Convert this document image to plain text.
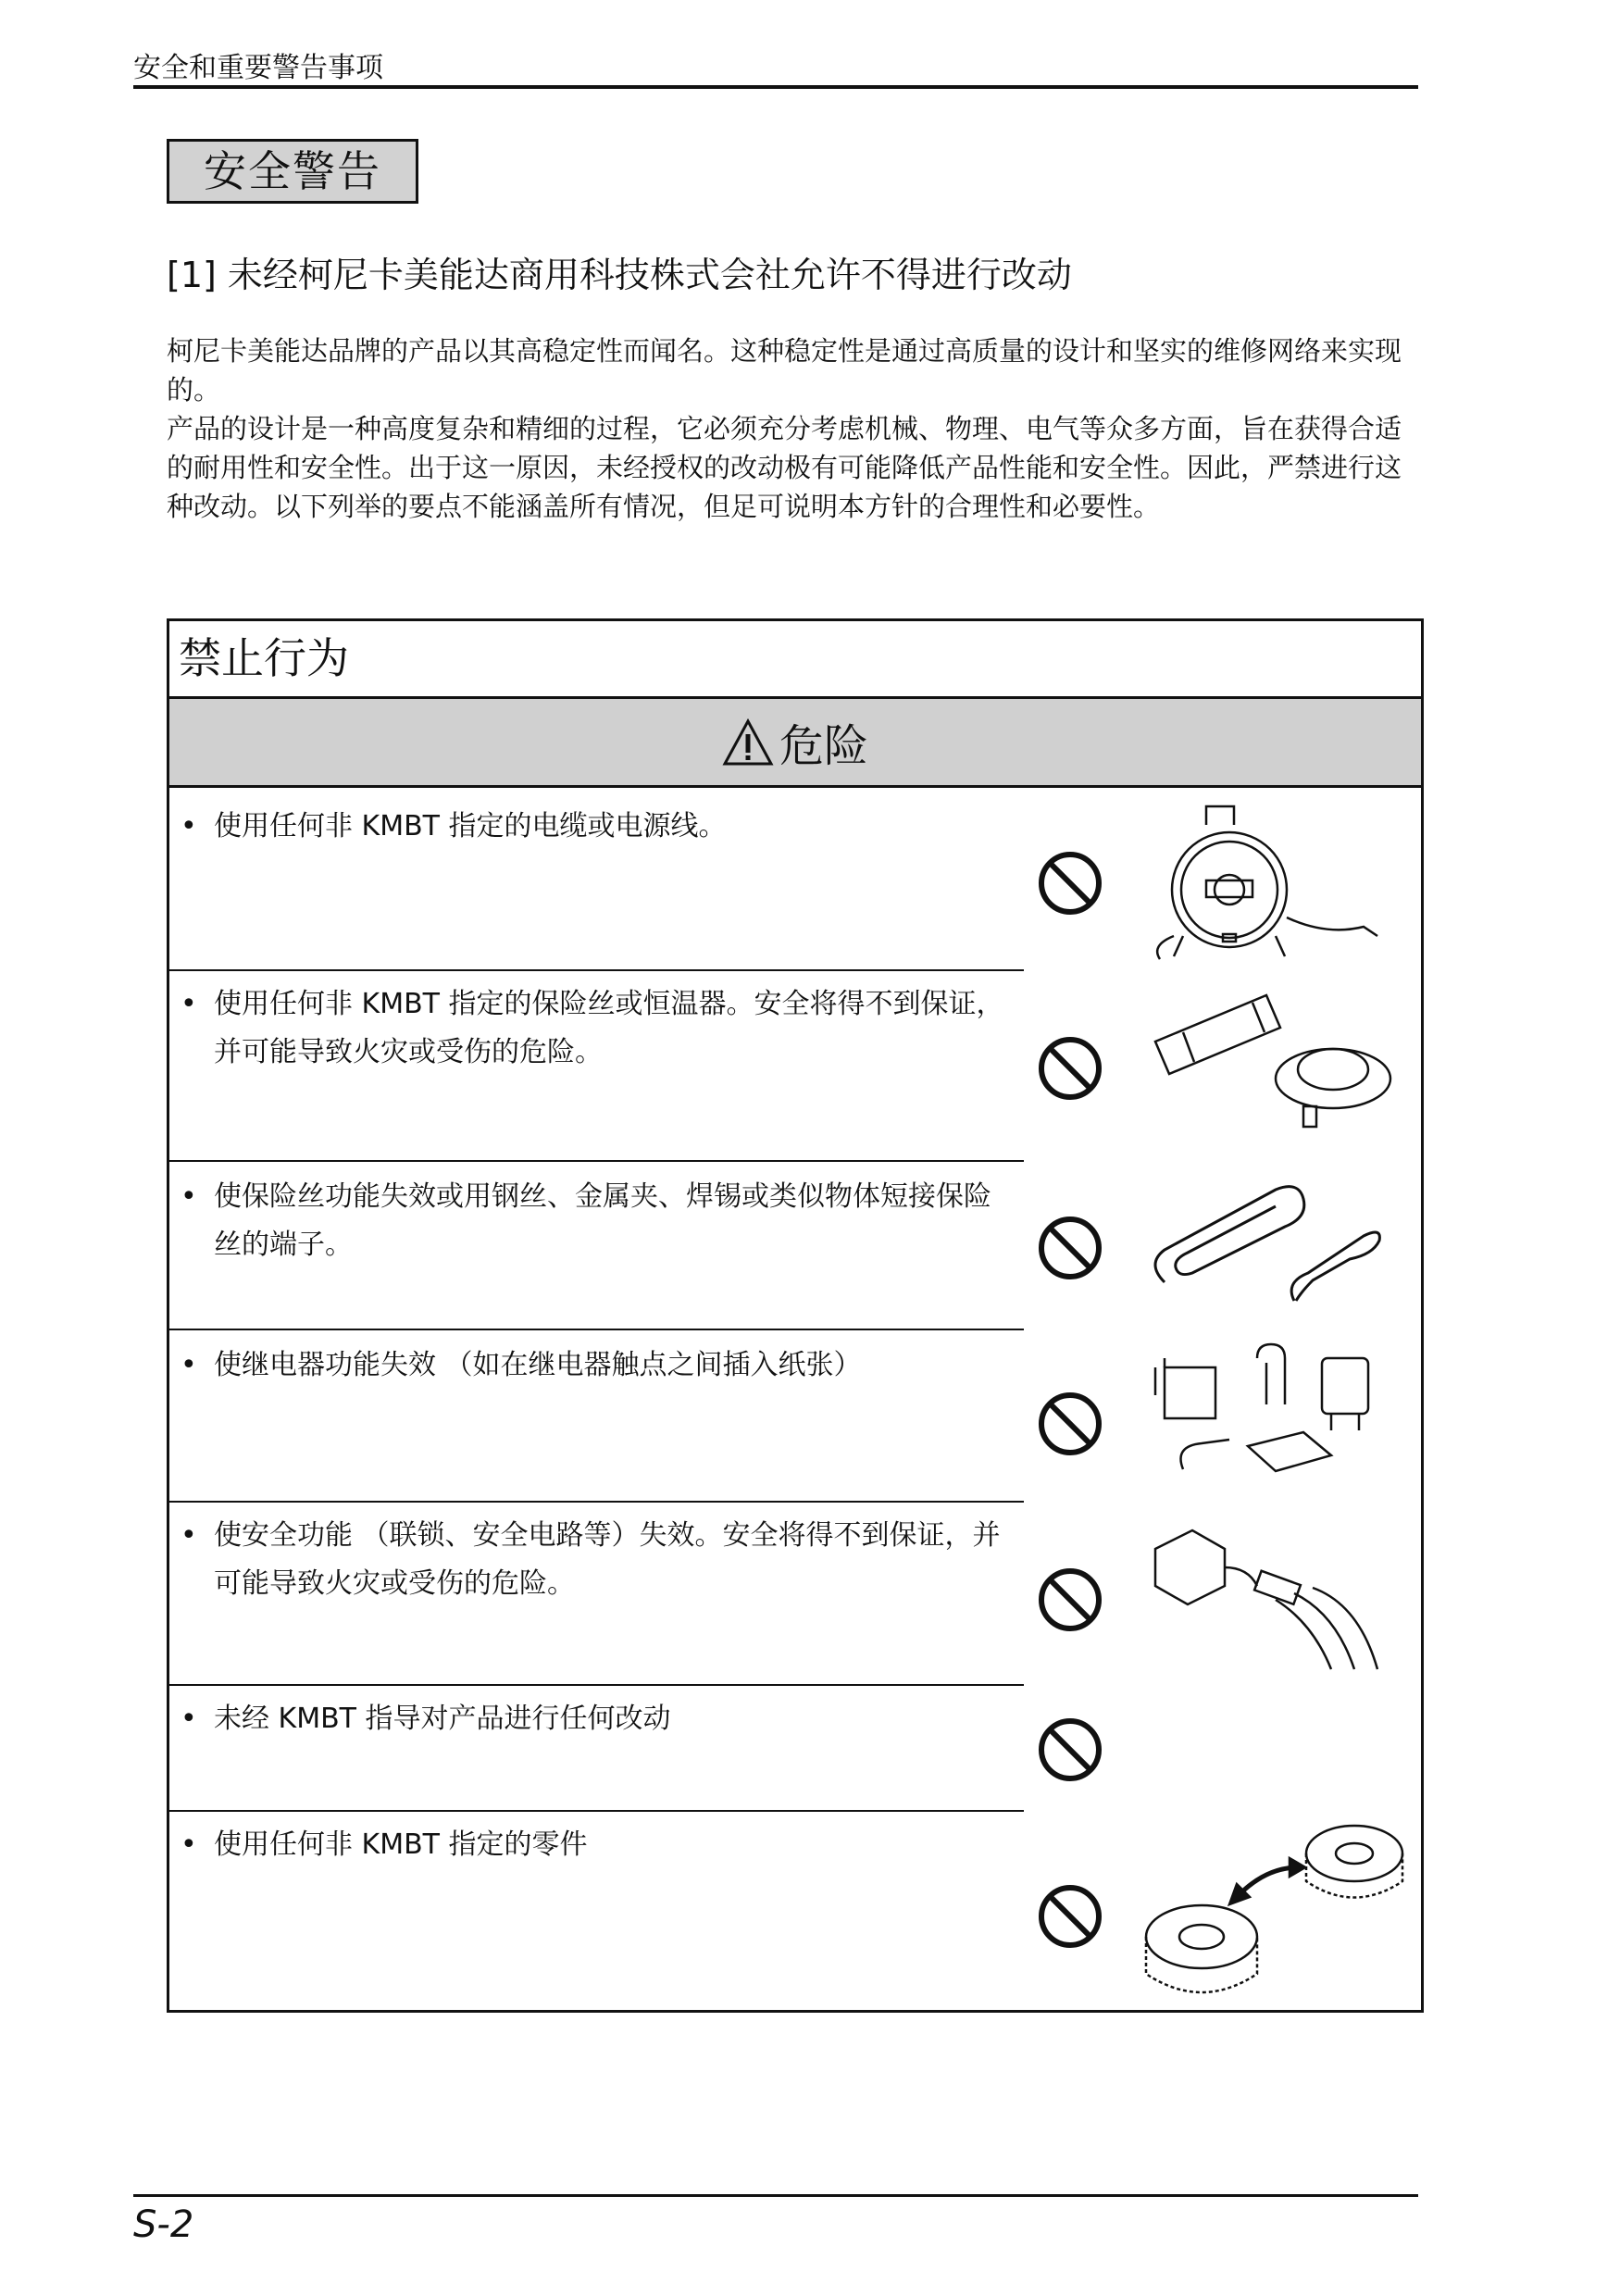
安全和重要警告事项
安全警告
[1] 未经柯尼卡美能达商用科技株式会社允许不得进行改动

柯尼卡美能达品牌的产品以其高稳定性而闻名。这种稳定性是通过高质量的设计和坚实的维修网络来实现的。

产品的设计是一种高度复杂和精细的过程，它必须充分考虑机械、物理、电气等众多方面，旨在获得合适的耐用性和安全性。出于这一原因，未经授权的改动极有可能降低产品性能和安全性。因此，严禁进行这种改动。以下列举的要点不能涵盖所有情况，但足可说明本方针的合理性和必要性。

禁止行为
危险
• 使用任何非 KMBT 指定的电缆或电源线。
• 使用任何非 KMBT 指定的保险丝或恒温器。安全将得不到保证，并可能导致火灾或受伤的危险。
• 使保险丝功能失效或用钢丝、金属夹、焊锡或类似物体短接保险丝的端子。
• 使继电器功能失效 （如在继电器触点之间插入纸张）
• 使安全功能 （联锁、安全电路等）失效。安全将得不到保证，并可能导致火灾或受伤的危险。
• 未经 KMBT 指导对产品进行任何改动
• 使用任何非 KMBT 指定的零件
S-2
